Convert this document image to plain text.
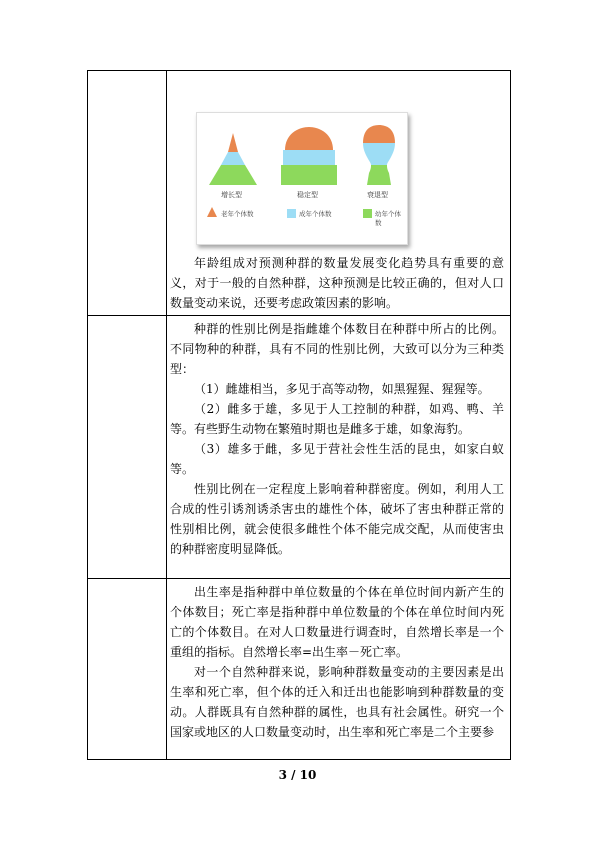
增长型	稳定型	衰退型
老年个体数	成年个体数	幼年个体数

年龄组成对预测种群的数量发展变化趋势具有重要的意义，对于一般的自然种群，这种预测是比较正确的，但对人口数量变动来说，还要考虑政策因素的影响。

种群的性别比例是指雌雄个体数目在种群中所占的比例。不同物种的种群，具有不同的性别比例，大致可以分为三种类型：

（1）雌雄相当，多见于高等动物，如黑猩猩、猩猩等。

（2）雌多于雄，多见于人工控制的种群，如鸡、鸭、羊等。有些野生动物在繁殖时期也是雌多于雄，如象海豹。

（3）雄多于雌，多见于营社会性生活的昆虫，如家白蚁等。

性别比例在一定程度上影响着种群密度。例如，利用人工合成的性引诱剂诱杀害虫的雄性个体，破坏了害虫种群正常的性别相比例，就会使很多雌性个体不能完成交配，从而使害虫的种群密度明显降低。

出生率是指种群中单位数量的个体在单位时间内新产生的个体数目；死亡率是指种群中单位数量的个体在单位时间内死亡的个体数目。在对人口数量进行调查时，自然增长率是一个重组的指标。自然增长率=出生率－死亡率。

对一个自然种群来说，影响种群数量变动的主要因素是出生率和死亡率，但个体的迁入和迁出也能影响到种群数量的变动。人群既具有自然种群的属性，也具有社会属性。研究一个国家或地区的人口数量变动时，出生率和死亡率是二个主要参

3 / 10
